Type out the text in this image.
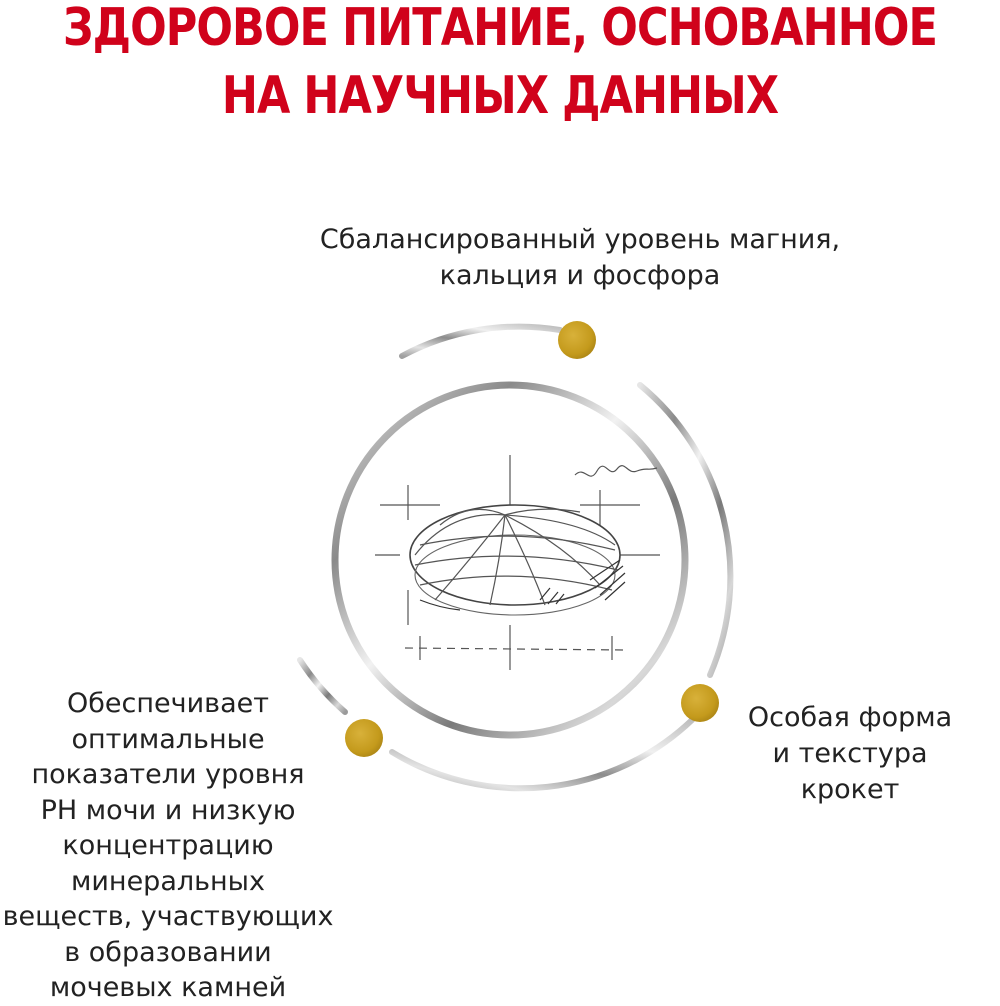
ЗДОРОВОЕ ПИТАНИЕ, ОСНОВАННОЕ
НА НАУЧНЫХ ДАННЫХ
Сбалансированный уровень магния,
кальция и фосфора
Особая форма
и текстура
крокет
Обеспечивает
оптимальные
показатели уровня
PH мочи и низкую
концентрацию
минеральных
веществ, участвующих
в образовании
мочевых камней
